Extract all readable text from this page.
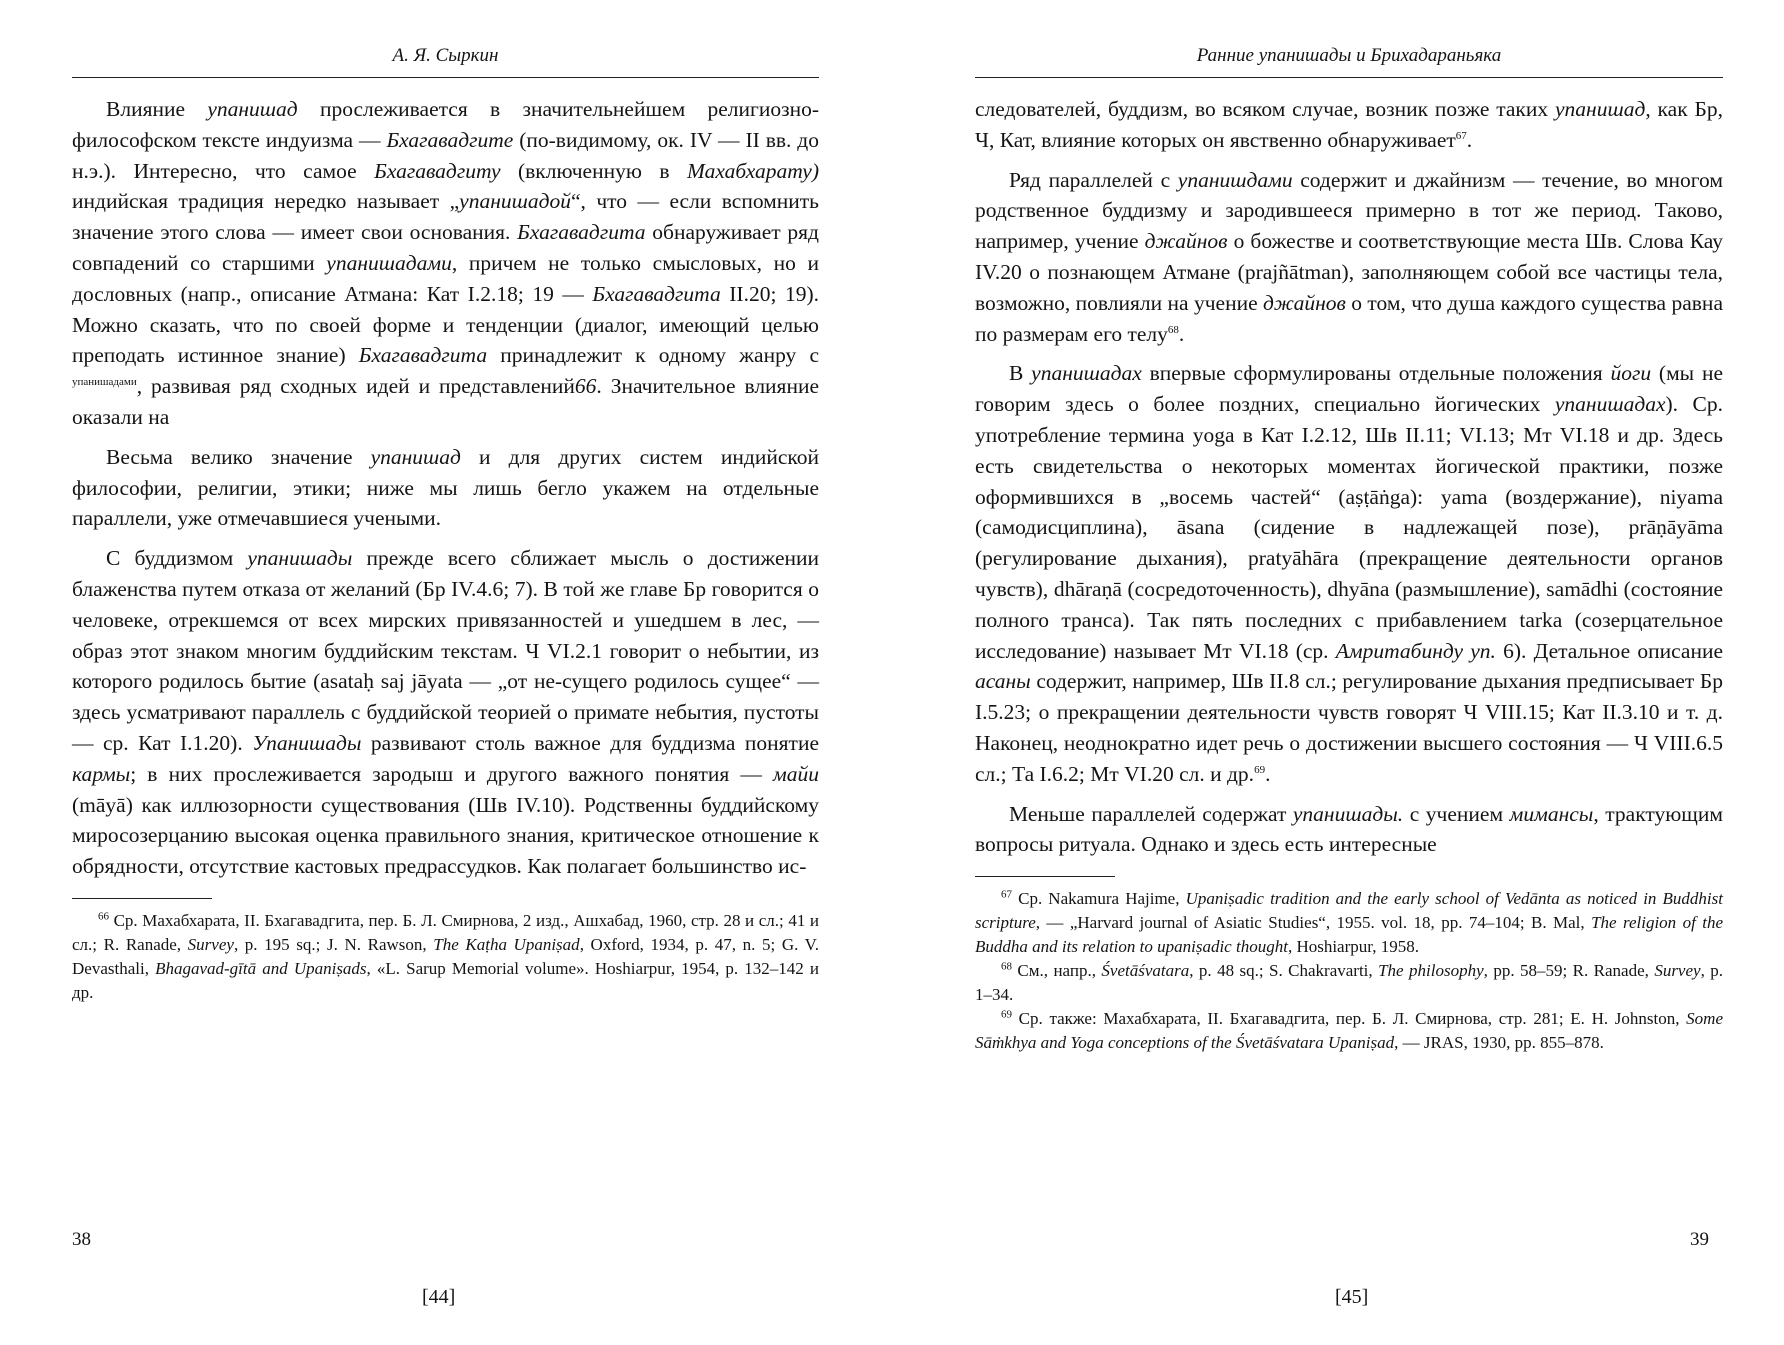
А. Я. Сыркин

Влияние упанишад прослеживается в значительнейшем религиозно-философском тексте индуизма — Бхагавадгите (по-видимому, ок. IV — II вв. до н.э.). Интересно, что самое Бхагавадгиту (включенную в Махабхарату) индийская традиция нередко называет „упанишадой“, что — если вспомнить значение этого слова — имеет свои основания. Бхагавадгита обнаруживает ряд совпадений со старшими упанишадами, причем не только смысловых, но и дословных (напр., описание Атмана: Кат I.2.18; 19 — Бхагавадгита II.20; 19). Можно сказать, что по своей форме и тенденции (диалог, имеющий целью преподать истинное знание) Бхагавадгита принадлежит к одному жанру с $^{упанишадами}$, развивая ряд сходных идей и представлений66. Значительное влияние оказали на

Весьма велико значение упанишад и для других систем индийской философии, религии, этики; ниже мы лишь бегло укажем на отдельные параллели, уже отмечавшиеся учеными.

С буддизмом упанишады прежде всего сближает мысль о достижении блаженства путем отказа от желаний (Бр IV.4.6; 7). В той же главе Бр говорится о человеке, отрекшемся от всех мирских привязанностей и ушедшем в лес, — образ этот знаком многим буддийским текстам. Ч VI.2.1 говорит о небытии, из которого родилось бытие (asataḥ saj jāyata — „от не-сущего родилось сущее“ — здесь усматривают параллель с буддийской теорией о примате небытия, пустоты — ср. Кат I.1.20). Упанишады развивают столь важное для буддизма понятие кармы; в них прослеживается зародыш и другого важного понятия — майи (māyā) как иллюзорности существования (Шв IV.10). Родственны буддийскому миросозерцанию высокая оценка правильного знания, критическое отношение к обрядности, отсутствие кастовых предрассудков. Как полагает большинство ис-

$^{66}$ Ср. Махабхарата, II. Бхагавадгита, пер. Б. Л. Смирнова, 2 изд., Ашхабад, 1960, стр. 28 и сл.; 41 и сл.; R. Ranade, Survey, p. 195 sq.; J. N. Rawson, The Kaṭha Upaniṣad, Oxford, 1934, p. 47, n. 5; G. V. Devasthali, Bhagavad-gītā and Upaniṣads, «L. Sarup Memorial volume». Hoshiarpur, 1954, p. 132–142 и др.

38
[44]
Ранние упанишады и Брихадараньяка

следователей, буддизм, во всяком случае, возник позже таких упанишад, как Бр, Ч, Кат, влияние которых он явственно обнаруживает$^{67}$.

Ряд параллелей с упанишдами содержит и джайнизм — течение, во многом родственное буддизму и зародившееся примерно в тот же период. Таково, например, учение джайнов о божестве и соответствующие места Шв. Слова Кау IV.20 о познающем Атмане (prajñātman), заполняющем собой все частицы тела, возможно, повлияли на учение джайнов о том, что душа каждого существа равна по размерам его телу$^{68}$.

В упанишадах впервые сформулированы отдельные положения йоги (мы не говорим здесь о более поздних, специально йогических упанишадах). Ср. употребление термина yoga в Кат I.2.12, Шв II.11; VI.13; Мт VI.18 и др. Здесь есть свидетельства о некоторых моментах йогической практики, позже оформившихся в „восемь частей“ (aṣṭāṅga): yama (воздержание), niyama (самодисциплина), āsana (сидение в надлежащей позе), prāṇāyāma (регулирование дыхания), pratyāhāra (прекращение деятельности органов чувств), dhāraṇā (сосредоточенность), dhyāna (размышление), samādhi (состояние полного транса). Так пять последних с прибавлением tarka (созерцательное исследование) называет Мт VI.18 (ср. Амритабинду уп. 6). Детальное описание асаны содержит, например, Шв II.8 сл.; регулирование дыхания предписывает Бр I.5.23; о прекращении деятельности чувств говорят Ч VIII.15; Кат II.3.10 и т. д. Наконец, неоднократно идет речь о достижении высшего состояния — Ч VIII.6.5 сл.; Та I.6.2; Мт VI.20 сл. и др.$^{69}$.

Меньше параллелей содержат упанишады. с учением мимансы, трактующим вопросы ритуала. Однако и здесь есть интересные

$^{67}$ Ср. Nakamura Hajime, Upaniṣadic tradition and the early school of Vedānta as noticed in Buddhist scripture, — „Harvard journal of Asiatic Studies“, 1955. vol. 18, pp. 74–104; B. Mal, The religion of the Buddha and its relation to upaniṣadic thought, Hoshiarpur, 1958.

$^{68}$ См., напр., Śvetāśvatara, p. 48 sq.; S. Chakravarti, The philosophy, pp. 58–59; R. Ranade, Survey, p. 1–34.

$^{69}$ Ср. также: Махабхарата, II. Бхагавадгита, пер. Б. Л. Смирнова, стр. 281; E. H. Johnston, Some Sāṁkhya and Yoga conceptions of the Śvetāśvatara Upaniṣad, — JRAS, 1930, pp. 855–878.

39
[45]
